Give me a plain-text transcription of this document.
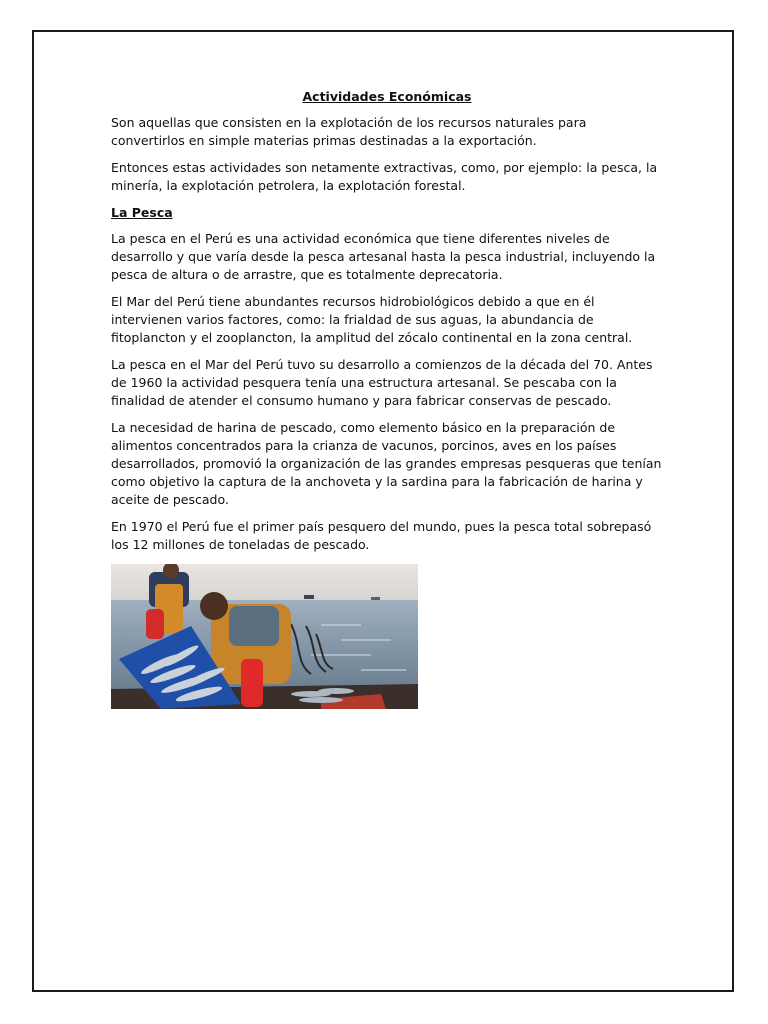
Actividades Económicas

Son aquellas que consisten en la explotación de los recursos naturales para convertirlos en simple materias primas destinadas a la exportación.

Entonces estas actividades son netamente extractivas, como, por ejemplo: la pesca, la minería, la explotación petrolera, la explotación forestal.

La Pesca

La pesca en el Perú es una actividad económica que tiene diferentes niveles de desarrollo y que varía desde la pesca artesanal hasta la pesca industrial, incluyendo la pesca de altura o de arrastre, que es totalmente deprecatoria.

El Mar del Perú tiene abundantes recursos hidrobiológicos debido a que en él intervienen varios factores, como: la frialdad de sus aguas, la abundancia de fitoplancton y el zooplancton, la amplitud del zócalo continental en la zona central.

La pesca en el Mar del Perú tuvo su desarrollo a comienzos de la década del 70. Antes de 1960 la actividad pesquera tenía una estructura artesanal. Se pescaba con la finalidad de atender el consumo humano y para fabricar conservas de pescado.

La necesidad de harina de pescado, como elemento básico en la preparación de alimentos concentrados para la crianza de vacunos, porcinos, aves en los países desarrollados, promovió la organización de las grandes empresas pesqueras que tenían como objetivo la captura de la anchoveta y la sardina para la fabricación de harina y aceite de pescado.

En 1970 el Perú fue el primer país pesquero del mundo, pues la pesca total sobrepasó los 12 millones de toneladas de pescado.
